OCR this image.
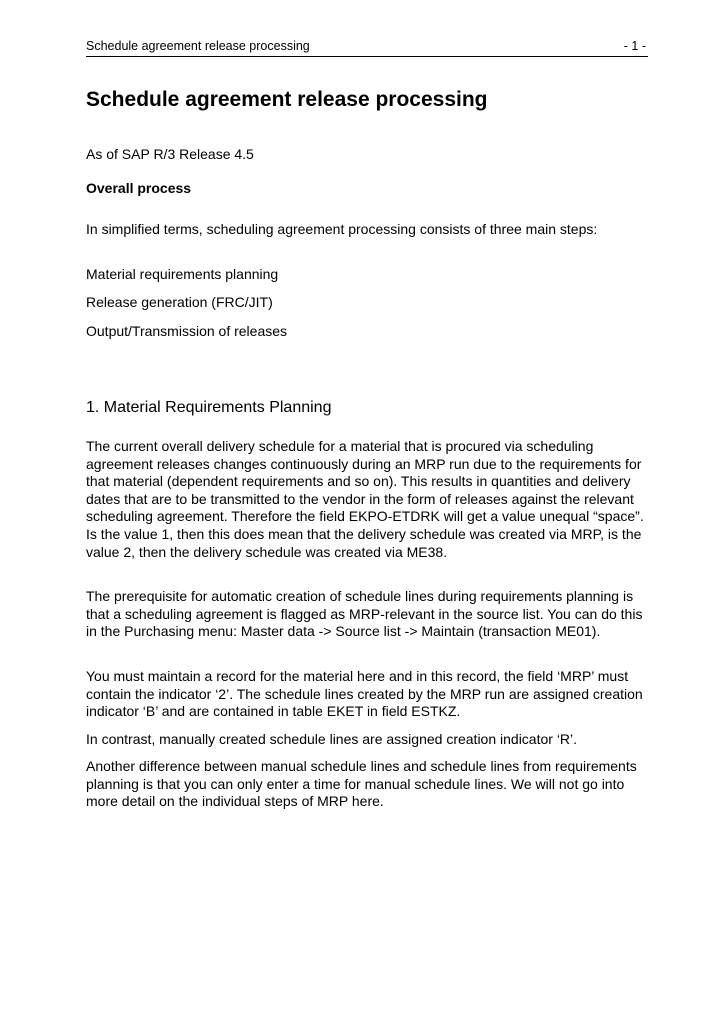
Schedule agreement release processing	- 1 -
Schedule agreement release processing

As of SAP R/3 Release 4.5

Overall process

In simplified terms, scheduling agreement processing consists of three main steps:

Material requirements planning

Release generation (FRC/JIT)

Output/Transmission of releases

1. Material Requirements Planning

The current overall delivery schedule for a material that is procured via scheduling agreement releases changes continuously during an MRP run due to the requirements for that material (dependent requirements and so on). This results in quantities and delivery dates that are to be transmitted to the vendor in the form of releases against the relevant scheduling agreement. Therefore the field EKPO-ETDRK will get a value unequal “space”. Is the value 1, then this does mean that the delivery schedule was created via MRP, is the value 2, then the delivery schedule was created via ME38.

The prerequisite for automatic creation of schedule lines during requirements planning is that a scheduling agreement is flagged as MRP-relevant in the source list. You can do this in the Purchasing menu: Master data -> Source list -> Maintain (transaction ME01).

You must maintain a record for the material here and in this record, the field ‘MRP’ must contain the indicator ‘2’. The schedule lines created by the MRP run are assigned creation indicator ‘B’ and are contained in table EKET in field ESTKZ.

In contrast, manually created schedule lines are assigned creation indicator ‘R’.

Another difference between manual schedule lines and schedule lines from requirements planning is that you can only enter a time for manual schedule lines. We will not go into more detail on the individual steps of MRP here.
